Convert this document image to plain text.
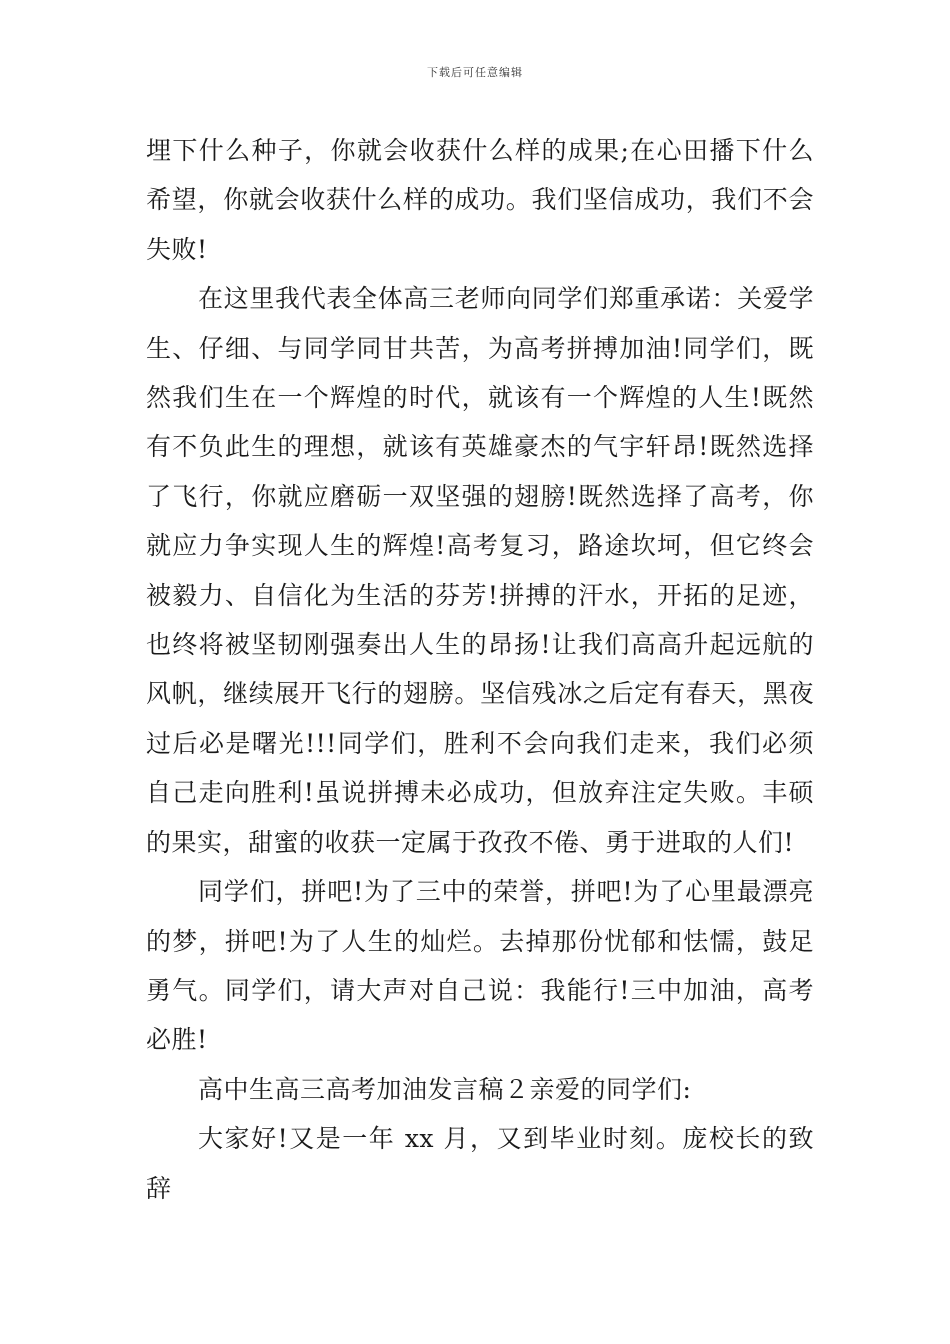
下载后可任意编辑

埋下什么种子，你就会收获什么样的成果;在心田播下什么希望，你就会收获什么样的成功。我们坚信成功，我们不会失败!

在这里我代表全体高三老师向同学们郑重承诺：关爱学生、仔细、与同学同甘共苦，为高考拼搏加油!同学们，既然我们生在一个辉煌的时代，就该有一个辉煌的人生!既然有不负此生的理想，就该有英雄豪杰的气宇轩昂!既然选择了飞行，你就应磨砺一双坚强的翅膀!既然选择了高考，你就应力争实现人生的辉煌!高考复习，路途坎坷，但它终会被毅力、自信化为生活的芬芳!拼搏的汗水，开拓的足迹，也终将被坚韧刚强奏出人生的昂扬!让我们高高升起远航的风帆，继续展开飞行的翅膀。坚信残冰之后定有春天，黑夜过后必是曙光!!!同学们，胜利不会向我们走来，我们必须自己走向胜利!虽说拼搏未必成功，但放弃注定失败。丰硕的果实，甜蜜的收获一定属于孜孜不倦、勇于进取的人们!

同学们，拼吧!为了三中的荣誉，拼吧!为了心里最漂亮的梦，拼吧!为了人生的灿烂。去掉那份忧郁和怯懦，鼓足勇气。同学们，请大声对自己说：我能行!三中加油，高考必胜!

高中生高三高考加油发言稿２亲爱的同学们:

大家好!又是一年 xx 月，又到毕业时刻。庞校长的致辞
